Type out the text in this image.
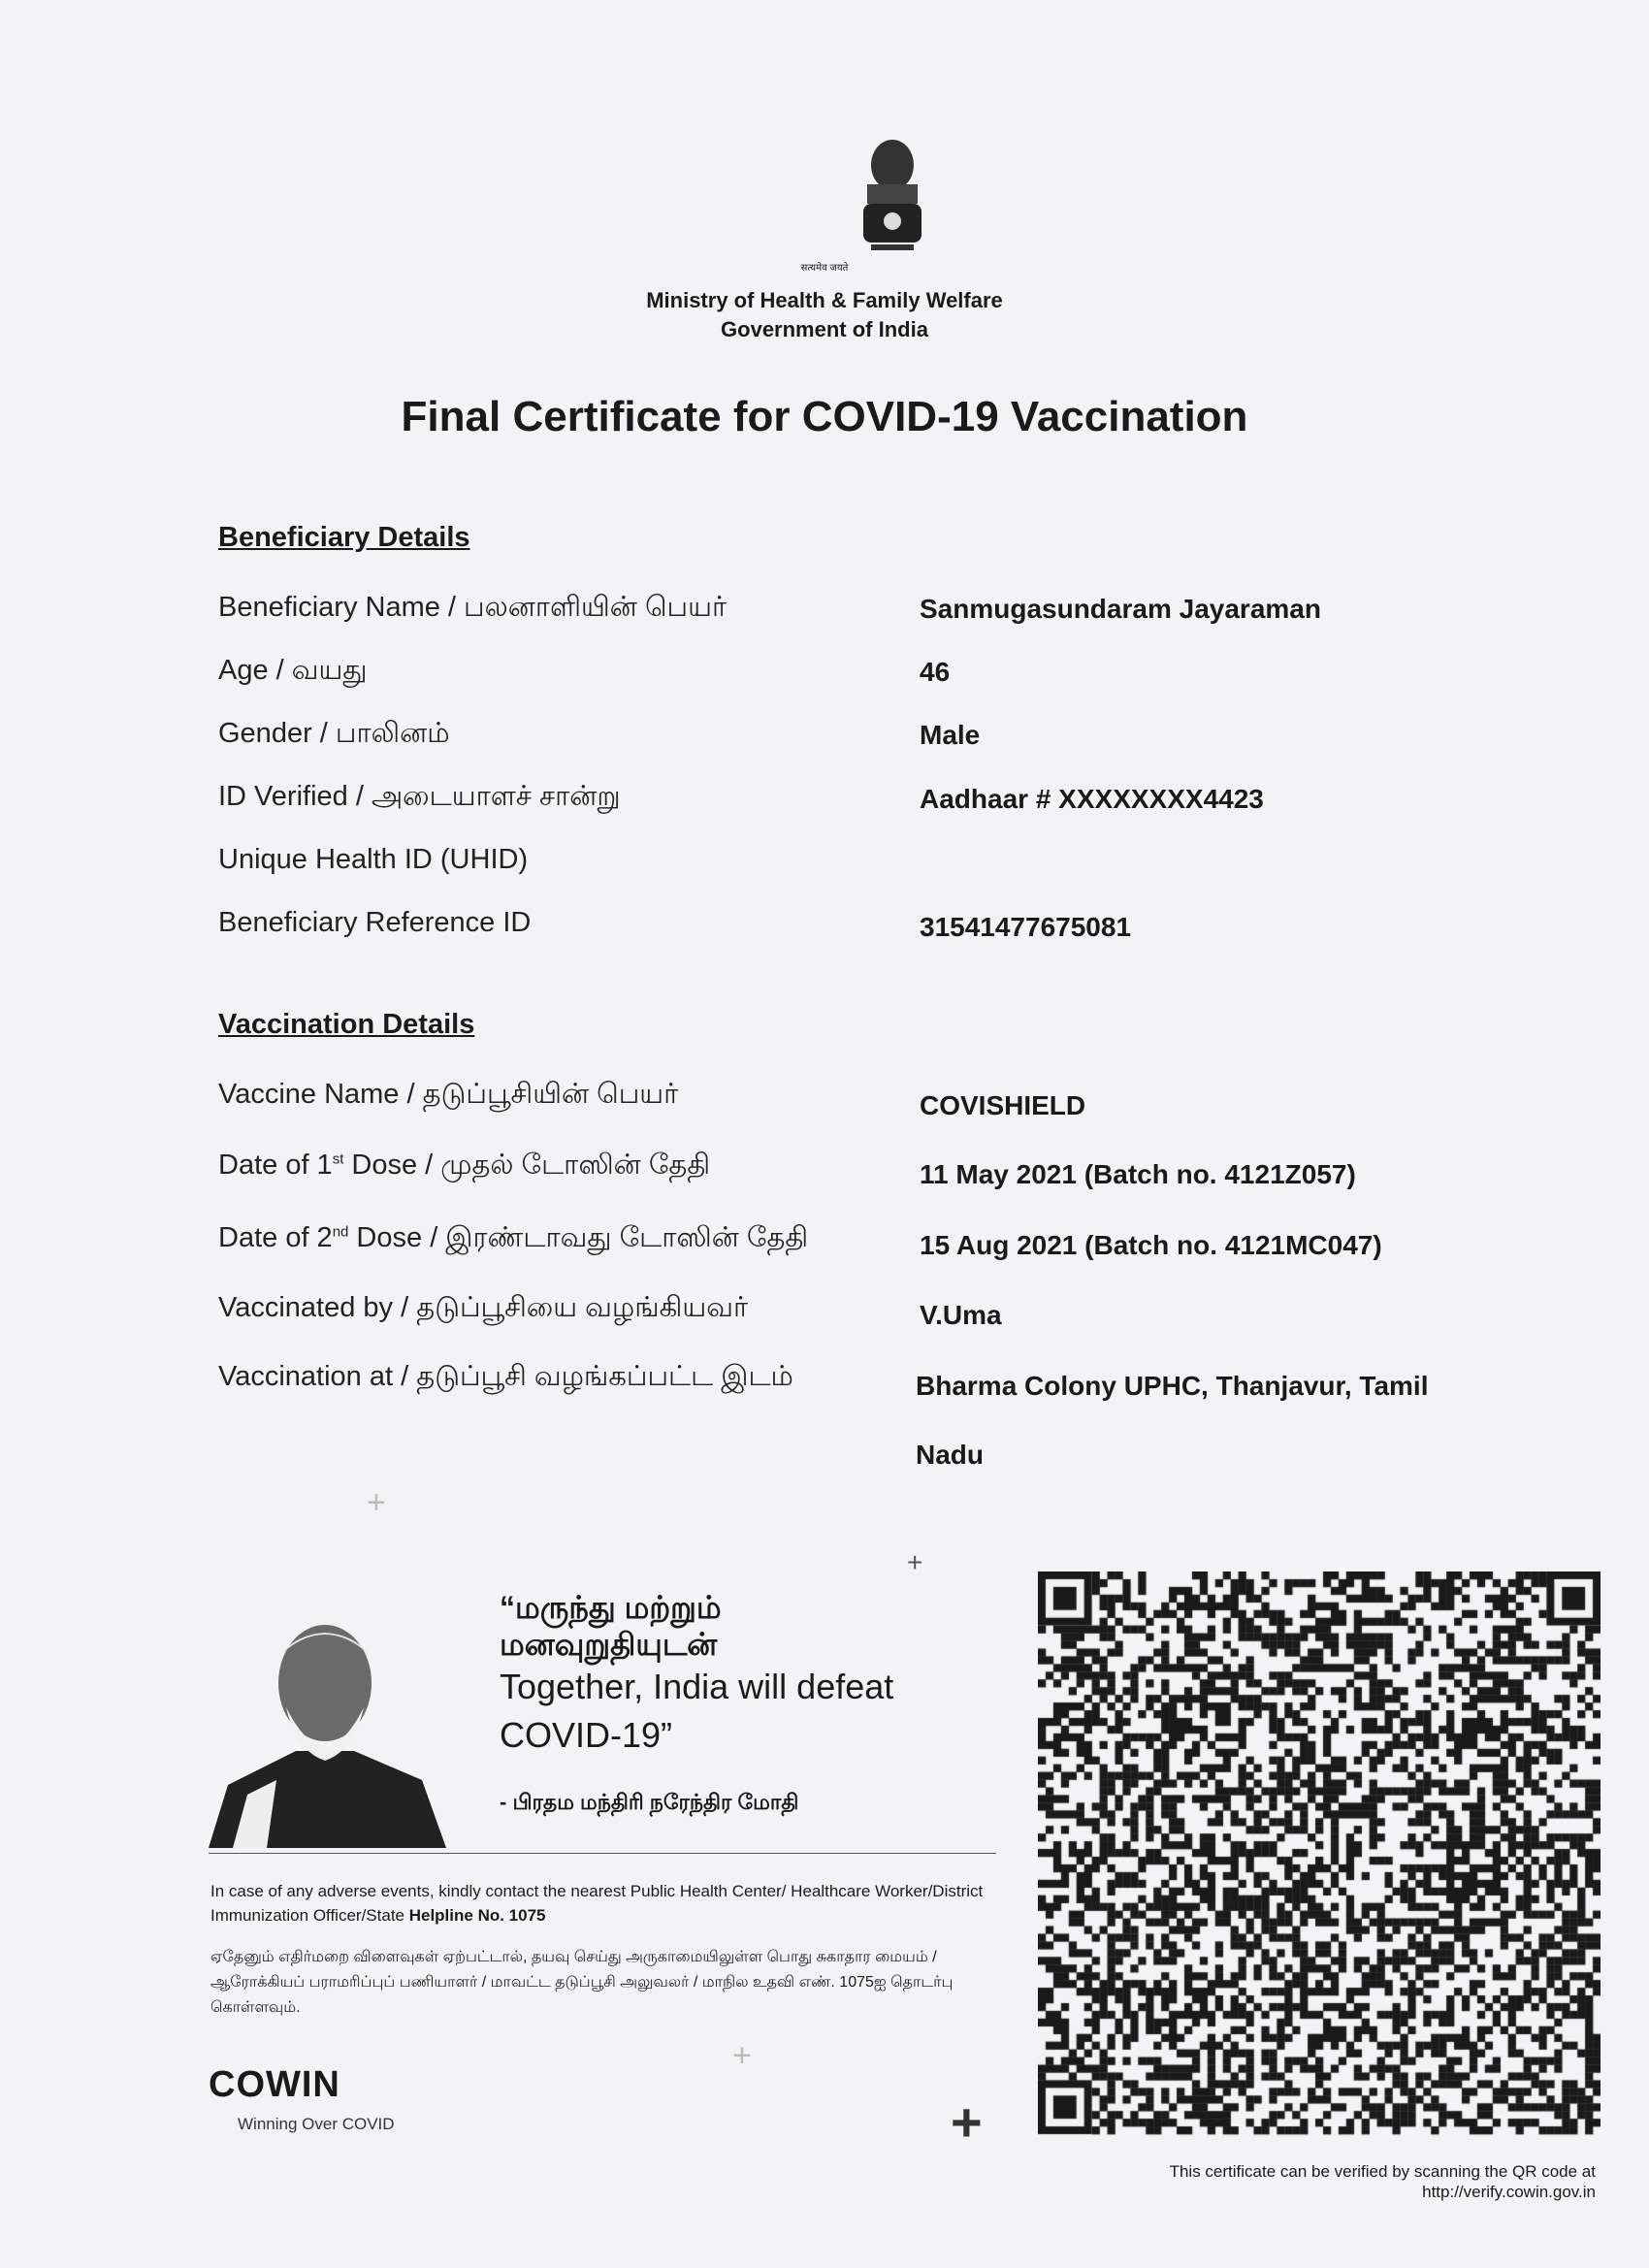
सत्यमेव जयते
Ministry of Health & Family Welfare
Government of India
Final Certificate for COVID-19 Vaccination
Beneficiary Details
Beneficiary Name / பலனாளியின் பெயர்	Sanmugasundaram Jayaraman
Age / வயது	46
Gender / பாலினம்	Male
ID Verified / அடையாளச் சான்று	Aadhaar # XXXXXXXX4423
Unique Health ID (UHID)
Beneficiary Reference ID	31541477675081
Vaccination Details
Vaccine Name / தடுப்பூசியின் பெயர்	COVISHIELD
Date of 1st Dose / முதல் டோஸின் தேதி	11 May 2021 (Batch no. 4121Z057)
Date of 2nd Dose / இரண்டாவது டோஸின் தேதி	15 Aug 2021 (Batch no. 4121MC047)
Vaccinated by / தடுப்பூசியை வழங்கியவர்	V.Uma
Vaccination at / தடுப்பூசி வழங்கப்பட்ட இடம்	Bharma Colony UPHC, Thanjavur, Tamil
Nadu
“மருந்து மற்றும்
மனவுறுதியுடன்
Together, India will defeat
COVID-19”
- பிரதம மந்திரி நரேந்திர மோதி
In case of any adverse events, kindly contact the nearest Public Health Center/ Healthcare Worker/District Immunization Officer/State Helpline No. 1075
ஏதேனும் எதிர்மறை விளைவுகள் ஏற்பட்டால், தயவு செய்து அருகாமையிலுள்ள பொது சுகாதார மையம் / ஆரோக்கியப் பராமரிப்புப் பணியாளர் / மாவட்ட தடுப்பூசி அலுவலர் / மாநில உதவி எண். 1075ஐ தொடர்பு கொள்ளவும்.
COWIN
Winning Over COVID
This certificate can be verified by scanning the QR code at
http://verify.cowin.gov.in
+
+
+
+
